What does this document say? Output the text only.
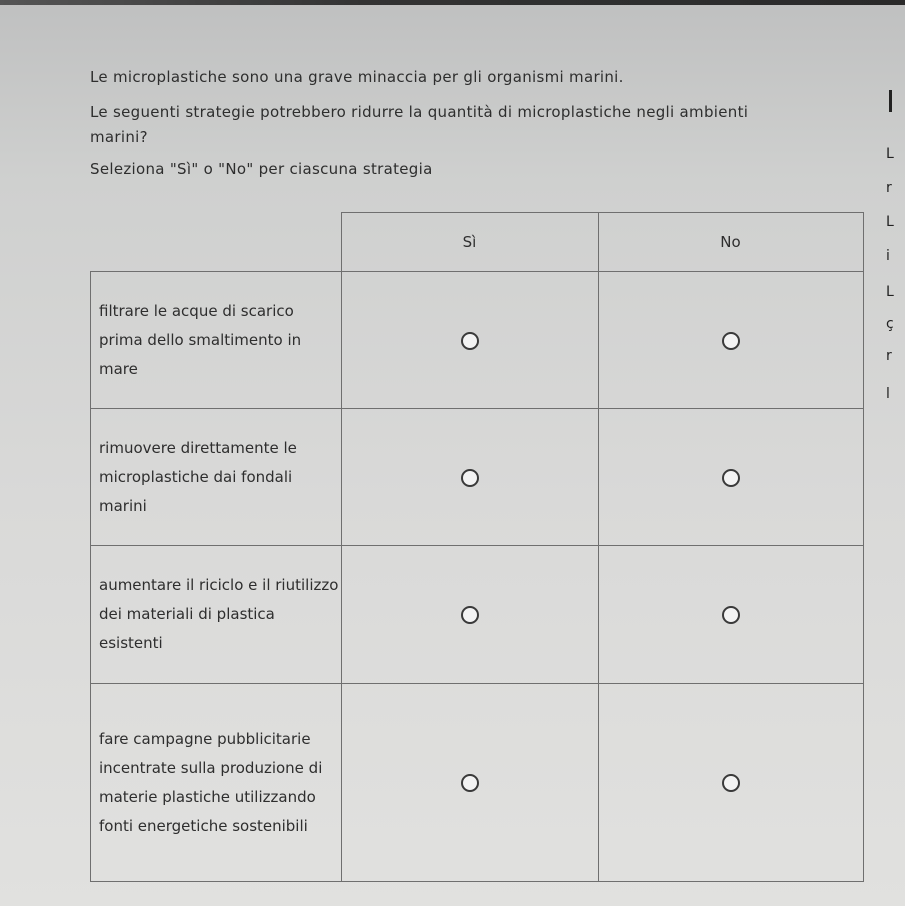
Le microplastiche sono una grave minaccia per gli organismi marini.
Le seguenti strategie potrebbero ridurre la quantità di microplastiche negli ambienti marini?
Seleziona "Sì" o "No" per ciascuna strategia
	Sì	No
filtrare le acque di scarico prima dello smaltimento in mare		
rimuovere direttamente le microplastiche dai fondali marini		
aumentare il riciclo e il riutilizzo dei materiali di plastica esistenti		
fare campagne pubblicitarie incentrate sulla produzione di materie plastiche utilizzando fonti energetiche sostenibili		
L
r
L
i
L
ç
r
l
